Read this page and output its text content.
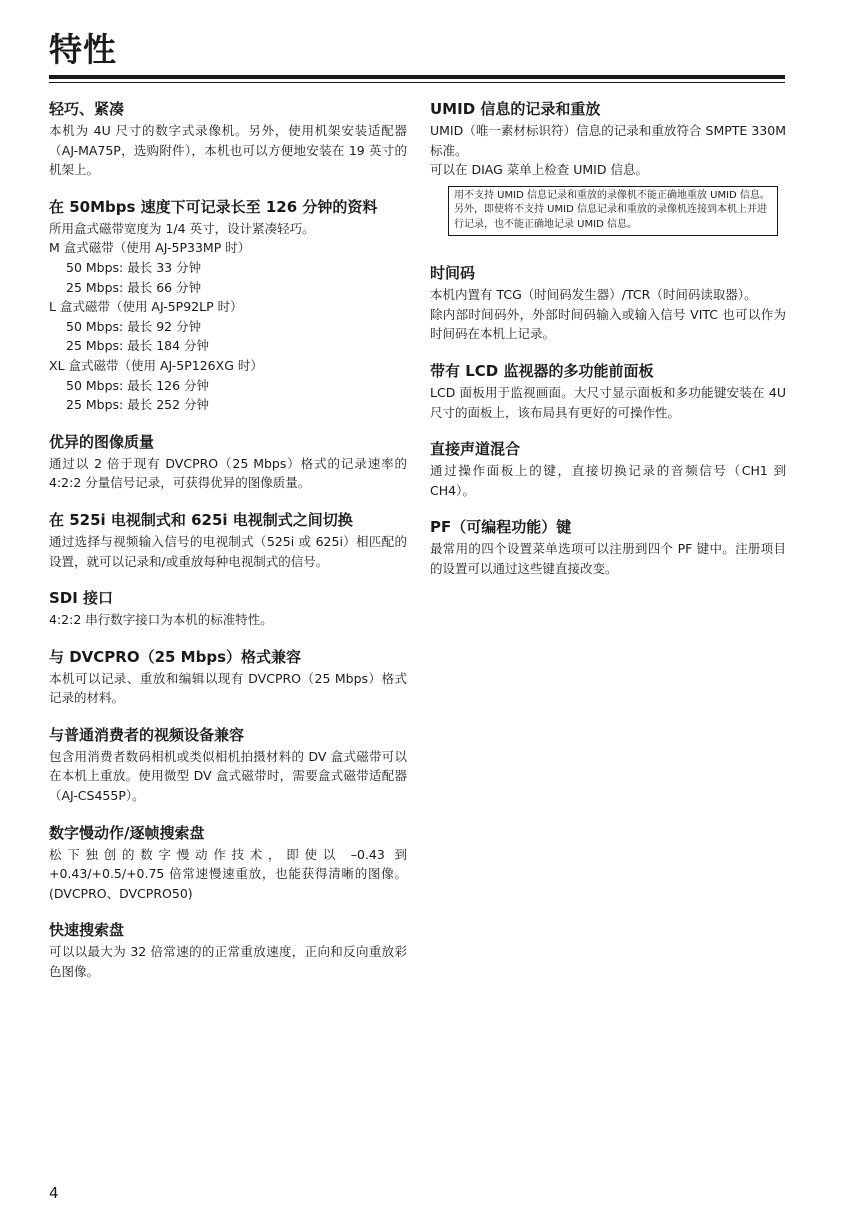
特性
轻巧、紧凑

本机为 4U 尺寸的数字式录像机。另外，使用机架安装适配器（AJ-MA75P，选购附件），本机也可以方便地安装在 19 英寸的机架上。

在 50Mbps 速度下可记录长至 126 分钟的资料
所用盒式磁带宽度为 1/4 英寸，设计紧凑轻巧。
M 盒式磁带（使用 AJ-5P33MP 时）
50 Mbps: 最长 33 分钟
25 Mbps: 最长 66 分钟
L 盒式磁带（使用 AJ-5P92LP 时）
50 Mbps: 最长 92 分钟
25 Mbps: 最长 184 分钟
XL 盒式磁带（使用 AJ-5P126XG 时）
50 Mbps: 最长 126 分钟
25 Mbps: 最长 252 分钟
优异的图像质量

通过以 2 倍于现有 DVCPRO（25 Mbps）格式的记录速率的 4:2:2 分量信号记录，可获得优异的图像质量。

在 525i 电视制式和 625i 电视制式之间切换

通过选择与视频输入信号的电视制式（525i 或 625i）相匹配的设置，就可以记录和/或重放每种电视制式的信号。

SDI 接口

4:2:2 串行数字接口为本机的标准特性。

与 DVCPRO（25 Mbps）格式兼容

本机可以记录、重放和编辑以现有 DVCPRO（25 Mbps）格式记录的材料。

与普通消费者的视频设备兼容

包含用消费者数码相机或类似相机拍摄材料的 DV 盒式磁带可以在本机上重放。使用微型 DV 盒式磁带时，需要盒式磁带适配器（AJ-CS455P）。

数字慢动作/逐帧搜索盘

松下独创的数字慢动作技术，即使以 –0.43 到 +0.43/+0.5/+0.75 倍常速慢速重放，也能获得清晰的图像。(DVCPRO、DVCPRO50)

快速搜索盘

可以以最大为 32 倍常速的的正常重放速度，正向和反向重放彩色图像。

UMID 信息的记录和重放

UMID（唯一素材标识符）信息的记录和重放符合 SMPTE 330M 标准。

可以在 DIAG 菜单上检查 UMID 信息。

用不支持 UMID 信息记录和重放的录像机不能正确地重放 UMID 信息。

另外，即使将不支持 UMID 信息记录和重放的录像机连接到本机上并进行记录，也不能正确地记录 UMID 信息。

时间码

本机内置有 TCG（时间码发生器）/TCR（时间码读取器）。

除内部时间码外，外部时间码输入或输入信号 VITC 也可以作为时间码在本机上记录。

带有 LCD 监视器的多功能前面板

LCD 面板用于监视画面。大尺寸显示面板和多功能键安装在 4U 尺寸的面板上，该布局具有更好的可操作性。

直接声道混合

通过操作面板上的键，直接切换记录的音频信号（CH1 到 CH4）。

PF（可编程功能）键

最常用的四个设置菜单选项可以注册到四个 PF 键中。注册项目的设置可以通过这些键直接改变。

4
